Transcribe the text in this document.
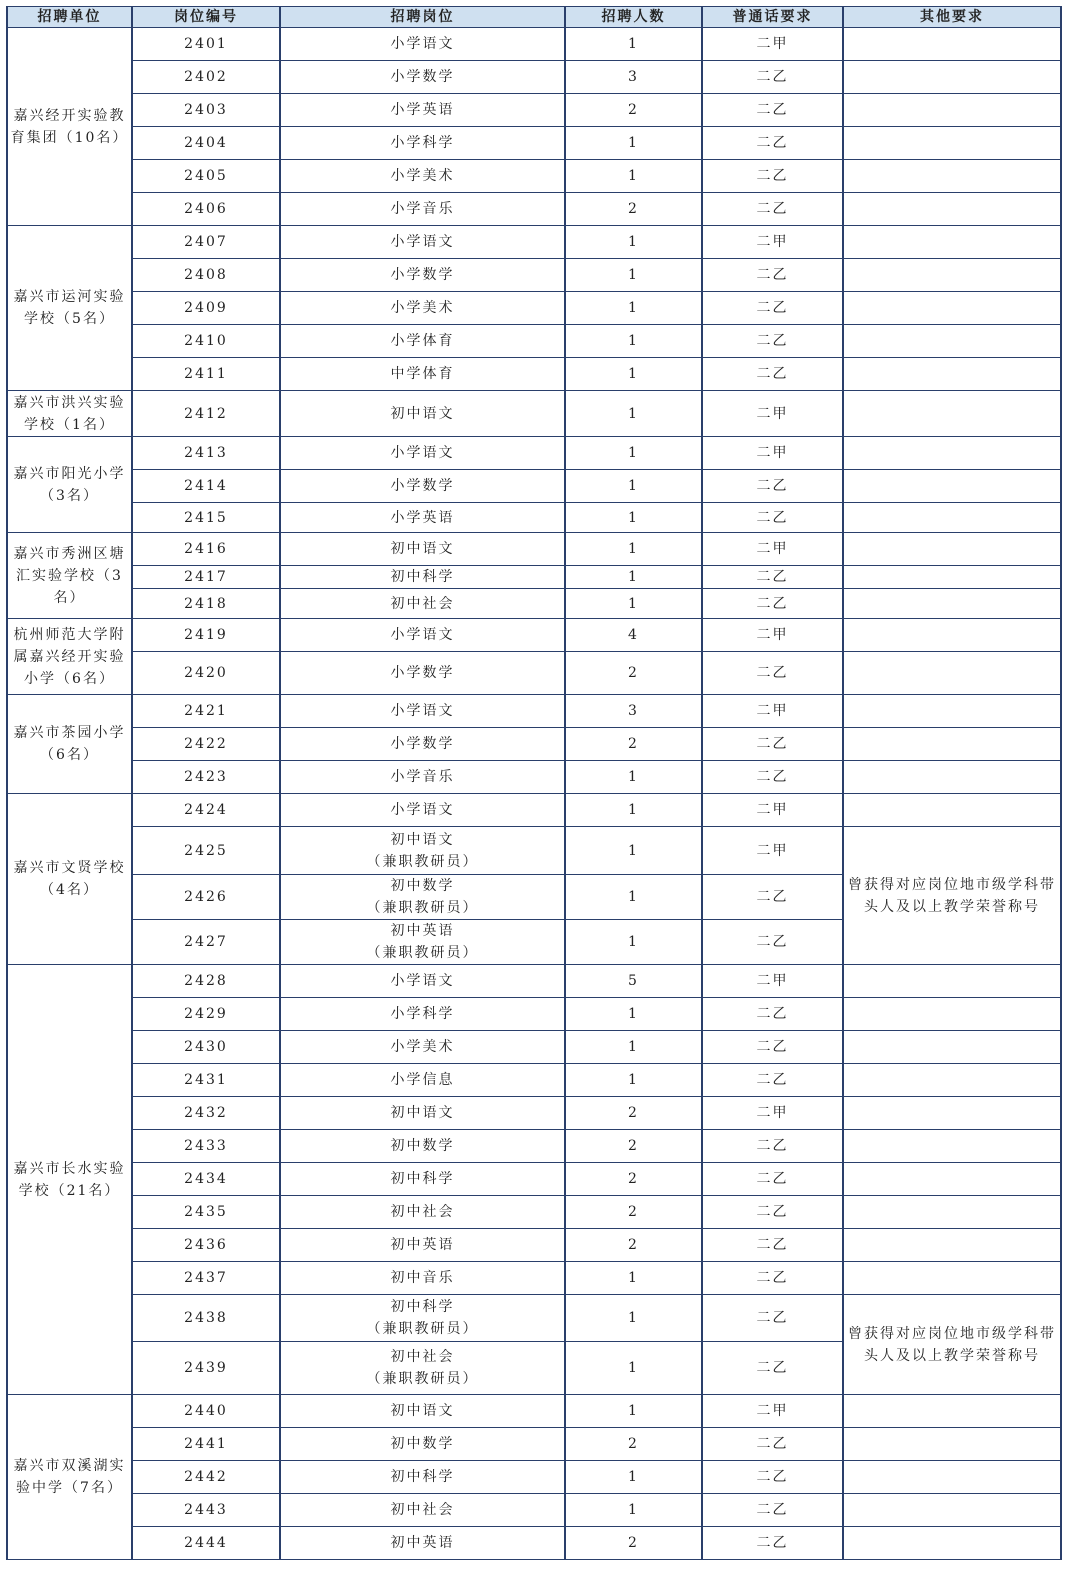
招聘单位	岗位编号	招聘岗位	招聘人数	普通话要求	其他要求
嘉兴经开实验教育集团（10名）	2401	小学语文	1	二甲	
	2402	小学数学	3	二乙	
	2403	小学英语	2	二乙	
	2404	小学科学	1	二乙	
	2405	小学美术	1	二乙	
	2406	小学音乐	2	二乙	
嘉兴市运河实验学校（5名）	2407	小学语文	1	二甲	
	2408	小学数学	1	二乙	
	2409	小学美术	1	二乙	
	2410	小学体育	1	二乙	
	2411	中学体育	1	二乙	
嘉兴市洪兴实验学校（1名）	2412	初中语文	1	二甲	
嘉兴市阳光小学（3名）	2413	小学语文	1	二甲	
	2414	小学数学	1	二乙	
	2415	小学英语	1	二乙	
嘉兴市秀洲区塘汇实验学校（3名）	2416	初中语文	1	二甲	
	2417	初中科学	1	二乙	
	2418	初中社会	1	二乙	
杭州师范大学附属嘉兴经开实验小学（6名）	2419	小学语文	4	二甲	
	2420	小学数学	2	二乙	
嘉兴市茶园小学（6名）	2421	小学语文	3	二甲	
	2422	小学数学	2	二乙	
	2423	小学音乐	1	二乙	
嘉兴市文贤学校（4名）	2424	小学语文	1	二甲	
	2425	初中语文
（兼职教研员）	1	二甲	曾获得对应岗位地市级学科带头人及以上教学荣誉称号
	2426	初中数学
（兼职教研员）	1	二乙	
	2427	初中英语
（兼职教研员）	1	二乙	
嘉兴市长水实验学校（21名）	2428	小学语文	5	二甲	
	2429	小学科学	1	二乙	
	2430	小学美术	1	二乙	
	2431	小学信息	1	二乙	
	2432	初中语文	2	二甲	
	2433	初中数学	2	二乙	
	2434	初中科学	2	二乙	
	2435	初中社会	2	二乙	
	2436	初中英语	2	二乙	
	2437	初中音乐	1	二乙	
	2438	初中科学
（兼职教研员）	1	二乙	曾获得对应岗位地市级学科带头人及以上教学荣誉称号
	2439	初中社会
（兼职教研员）	1	二乙	
嘉兴市双溪湖实验中学（7名）	2440	初中语文	1	二甲	
	2441	初中数学	2	二乙	
	2442	初中科学	1	二乙	
	2443	初中社会	1	二乙	
	2444	初中英语	2	二乙	
